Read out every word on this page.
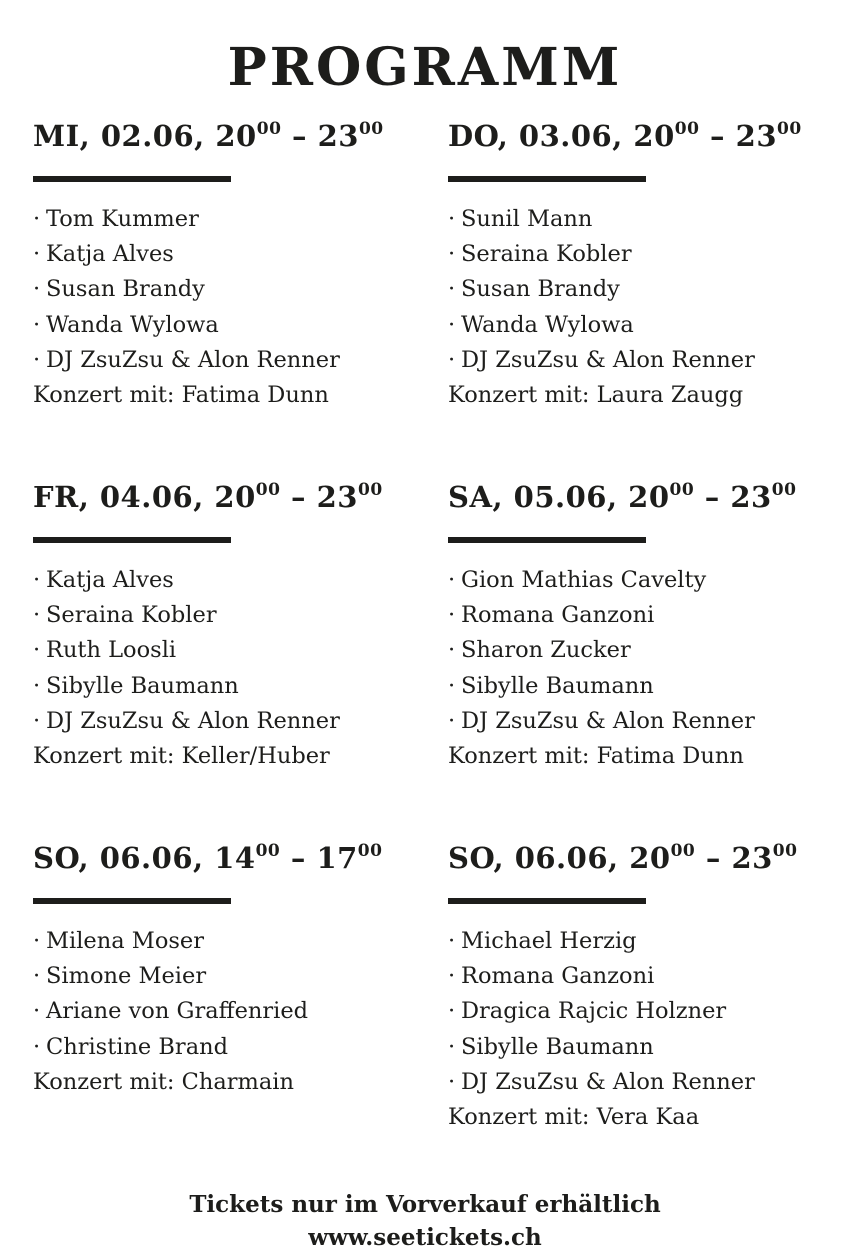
PROGRAMM
MI, 02.06, $20^{00} - 23^{00}$
· Tom Kummer
· Katja Alves
· Susan Brandy
· Wanda Wylowa
· DJ ZsuZsu & Alon Renner
Konzert mit: Fatima Dunn
DO, 03.06, $20^{00} - 23^{00}$
· Sunil Mann
· Seraina Kobler
· Susan Brandy
· Wanda Wylowa
· DJ ZsuZsu & Alon Renner
Konzert mit: Laura Zaugg
FR, 04.06, $20^{00} - 23^{00}$
· Katja Alves
· Seraina Kobler
· Ruth Loosli
· Sibylle Baumann
· DJ ZsuZsu & Alon Renner
Konzert mit: Keller/Huber
SA, 05.06, $20^{00} - 23^{00}$
· Gion Mathias Cavelty
· Romana Ganzoni
· Sharon Zucker
· Sibylle Baumann
· DJ ZsuZsu & Alon Renner
Konzert mit: Fatima Dunn
SO, 06.06, $14^{00} - 17^{00}$
· Milena Moser
· Simone Meier
· Ariane von Graffenried
· Christine Brand
Konzert mit: Charmain
SO, 06.06, $20^{00} - 23^{00}$
· Michael Herzig
· Romana Ganzoni
· Dragica Rajcic Holzner
· Sibylle Baumann
· DJ ZsuZsu & Alon Renner
Konzert mit: Vera Kaa
Tickets nur im Vorverkauf erhältlich
www.seetickets.ch
